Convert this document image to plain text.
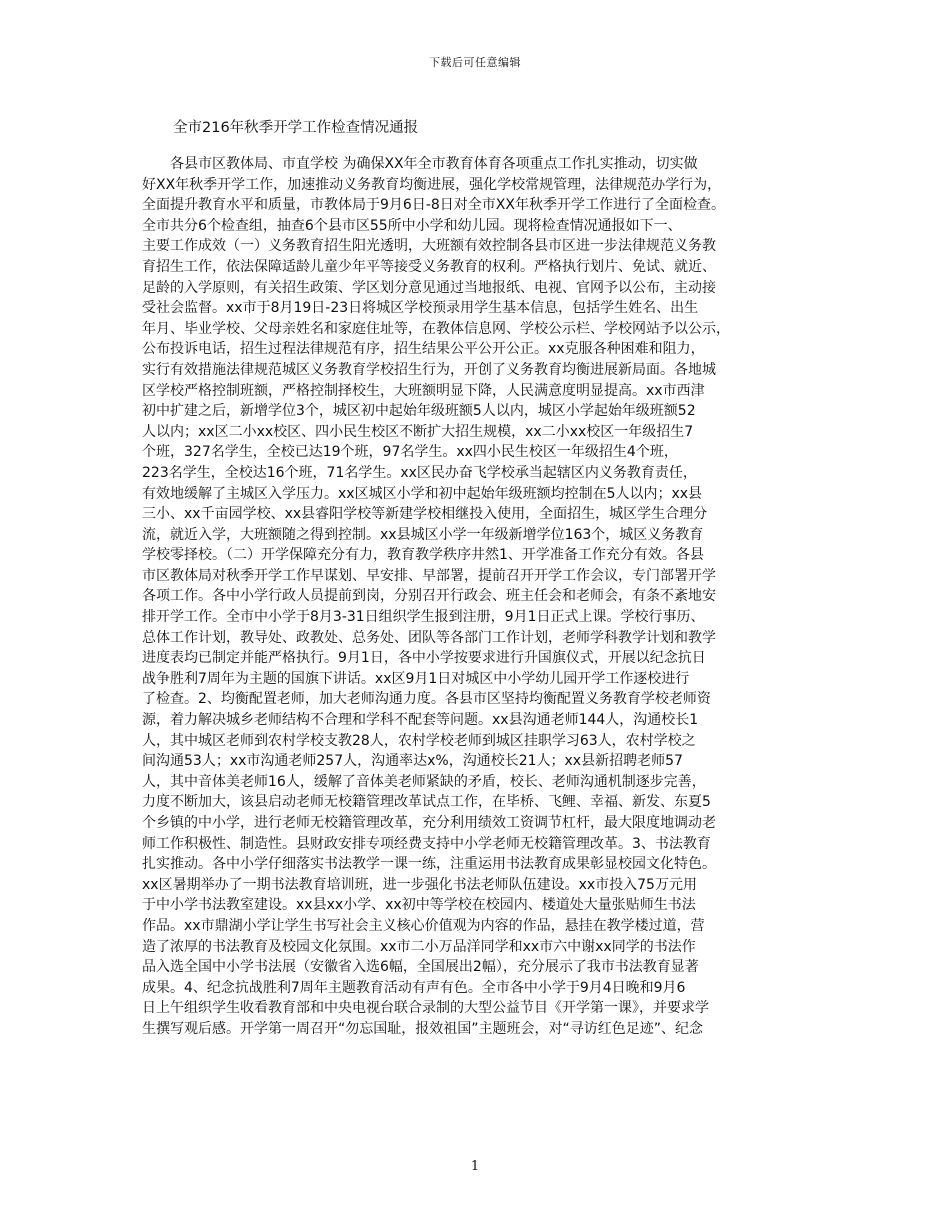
下载后可任意编辑
全市216年秋季开学工作检查情况通报
　　各县市区教体局、市直学校 为确保XX年全市教育体育各项重点工作扎实推动，切实做
好XX年秋季开学工作，加速推动义务教育均衡进展，强化学校常规管理，法律规范办学行为，
全面提升教育水平和质量，市教体局于9月6日-8日对全市XX年秋季开学工作进行了全面检查。
全市共分6个检查组，抽查6个县市区55所中小学和幼儿园。现将检查情况通报如下一、
主要工作成效（一）义务教育招生阳光透明，大班额有效控制各县市区进一步法律规范义务教
育招生工作，依法保障适龄儿童少年平等接受义务教育的权利。严格执行划片、免试、就近、
足龄的入学原则，有关招生政策、学区划分意见通过当地报纸、电视、官网予以公布，主动接
受社会监督。xx市于8月19日-23日将城区学校预录用学生基本信息，包括学生姓名、出生
年月、毕业学校、父母亲姓名和家庭住址等，在教体信息网、学校公示栏、学校网站予以公示，
公布投诉电话，招生过程法律规范有序，招生结果公平公开公正。xx克服各种困难和阻力，
实行有效措施法律规范城区义务教育学校招生行为，开创了义务教育均衡进展新局面。各地城
区学校严格控制班额，严格控制择校生，大班额明显下降，人民满意度明显提高。xx市西津
初中扩建之后，新增学位3个，城区初中起始年级班额5人以内，城区小学起始年级班额52
人以内；xx区二小xx校区、四小民生校区不断扩大招生规模，xx二小xx校区一年级招生7
个班，327名学生，全校已达19个班，97名学生。xx四小民生校区一年级招生4个班，
223名学生，全校达16个班，71名学生。xx区民办奋飞学校承当起辖区内义务教育责任，
有效地缓解了主城区入学压力。xx区城区小学和初中起始年级班额均控制在5人以内；xx县
三小、xx千亩园学校、xx县睿阳学校等新建学校相继投入使用，全面招生，城区学生合理分
流，就近入学，大班额随之得到控制。xx县城区小学一年级新增学位163个，城区义务教育
学校零择校。（二）开学保障充分有力，教育教学秩序井然1、开学准备工作充分有效。各县
市区教体局对秋季开学工作早谋划、早安排、早部署，提前召开开学工作会议，专门部署开学
各项工作。各中小学行政人员提前到岗，分别召开行政会、班主任会和老师会，有条不紊地安
排开学工作。全市中小学于8月3-31日组织学生报到注册，9月1日正式上课。学校行事历、
总体工作计划，教导处、政教处、总务处、团队等各部门工作计划，老师学科教学计划和教学
进度表均已制定并能严格执行。9月1日，各中小学按要求进行升国旗仪式，开展以纪念抗日
战争胜利7周年为主题的国旗下讲话。xx区9月1日对城区中小学幼儿园开学工作逐校进行
了检查。2、均衡配置老师，加大老师沟通力度。各县市区坚持均衡配置义务教育学校老师资
源，着力解决城乡老师结构不合理和学科不配套等问题。xx县沟通老师144人，沟通校长1
人，其中城区老师到农村学校支教28人，农村学校老师到城区挂职学习63人，农村学校之
间沟通53人；xx市沟通老师257人，沟通率达x%，沟通校长21人；xx县新招聘老师57
人，其中音体美老师16人，缓解了音体美老师紧缺的矛盾，校长、老师沟通机制逐步完善，
力度不断加大，该县启动老师无校籍管理改革试点工作，在毕桥、飞鲤、幸福、新发、东夏5
个乡镇的中小学，进行老师无校籍管理改革，充分利用绩效工资调节杠杆，最大限度地调动老
师工作积极性、制造性。县财政安排专项经费支持中小学老师无校籍管理改革。3、书法教育
扎实推动。各中小学仔细落实书法教学一课一练，注重运用书法教育成果彰显校园文化特色。
xx区暑期举办了一期书法教育培训班，进一步强化书法老师队伍建设。xx市投入75万元用
于中小学书法教室建设。xx县xx小学、xx初中等学校在校园内、楼道处大量张贴师生书法
作品。xx市鼎湖小学让学生书写社会主义核心价值观为内容的作品，悬挂在教学楼过道，营
造了浓厚的书法教育及校园文化氛围。xx市二小万品洋同学和xx市六中谢xx同学的书法作
品入选全国中小学书法展（安徽省入选6幅，全国展出2幅），充分展示了我市书法教育显著
成果。4、纪念抗战胜利7周年主题教育活动有声有色。全市各中小学于9月4日晚和9月6
日上午组织学生收看教育部和中央电视台联合录制的大型公益节目《开学第一课》，并要求学
生撰写观后感。开学第一周召开“勿忘国耻，报效祖国”主题班会，对“寻访红色足迹”、纪念
1
